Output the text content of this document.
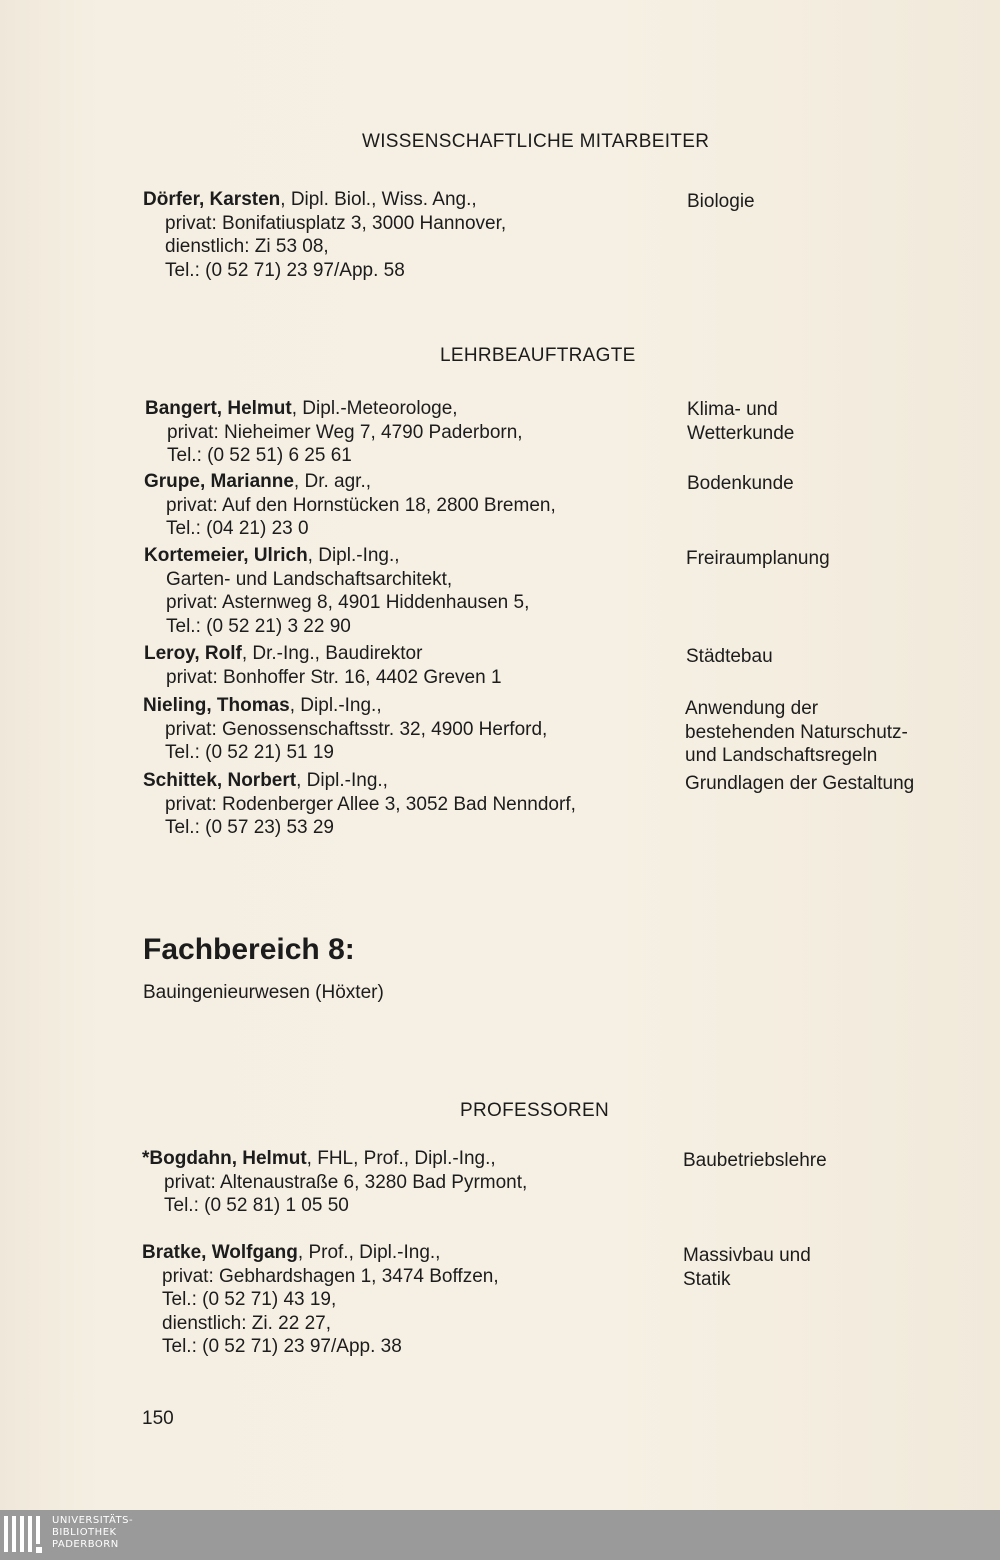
WISSENSCHAFTLICHE MITARBEITER
Dörfer, Karsten, Dipl. Biol., Wiss. Ang.,
privat: Bonifatiusplatz 3, 3000 Hannover,
dienstlich: Zi 53 08,
Tel.: (0 52 71) 23 97/App. 58
Biologie
LEHRBEAUFTRAGTE
Bangert, Helmut, Dipl.-Meteorologe,
privat: Nieheimer Weg 7, 4790 Paderborn,
Tel.: (0 52 51) 6 25 61
Klima- und
Wetterkunde
Grupe, Marianne, Dr. agr.,
privat: Auf den Hornstücken 18, 2800 Bremen,
Tel.: (04 21) 23 0
Bodenkunde
Kortemeier, Ulrich, Dipl.-Ing.,
Garten- und Landschaftsarchitekt,
privat: Asternweg 8, 4901 Hiddenhausen 5,
Tel.: (0 52 21) 3 22 90
Freiraumplanung
Leroy, Rolf, Dr.-Ing., Baudirektor
privat: Bonhoffer Str. 16, 4402 Greven 1
Städtebau
Nieling, Thomas, Dipl.-Ing.,
privat: Genossenschaftsstr. 32, 4900 Herford,
Tel.: (0 52 21) 51 19
Anwendung der
bestehenden Naturschutz-
und Landschaftsregeln
Schittek, Norbert, Dipl.-Ing.,
privat: Rodenberger Allee 3, 3052 Bad Nenndorf,
Tel.: (0 57 23) 53 29
Grundlagen der Gestaltung
Fachbereich 8:
Bauingenieurwesen (Höxter)
PROFESSOREN
*Bogdahn, Helmut, FHL, Prof., Dipl.-Ing.,
privat: Altenaustraße 6, 3280 Bad Pyrmont,
Tel.: (0 52 81) 1 05 50
Baubetriebslehre
Bratke, Wolfgang, Prof., Dipl.-Ing.,
privat: Gebhardshagen 1, 3474 Boffzen,
Tel.: (0 52 71) 43 19,
dienstlich: Zi. 22 27,
Tel.: (0 52 71) 23 97/App. 38
Massivbau und
Statik
150
UNIVERSITÄTS-
BIBLIOTHEK
PADERBORN
